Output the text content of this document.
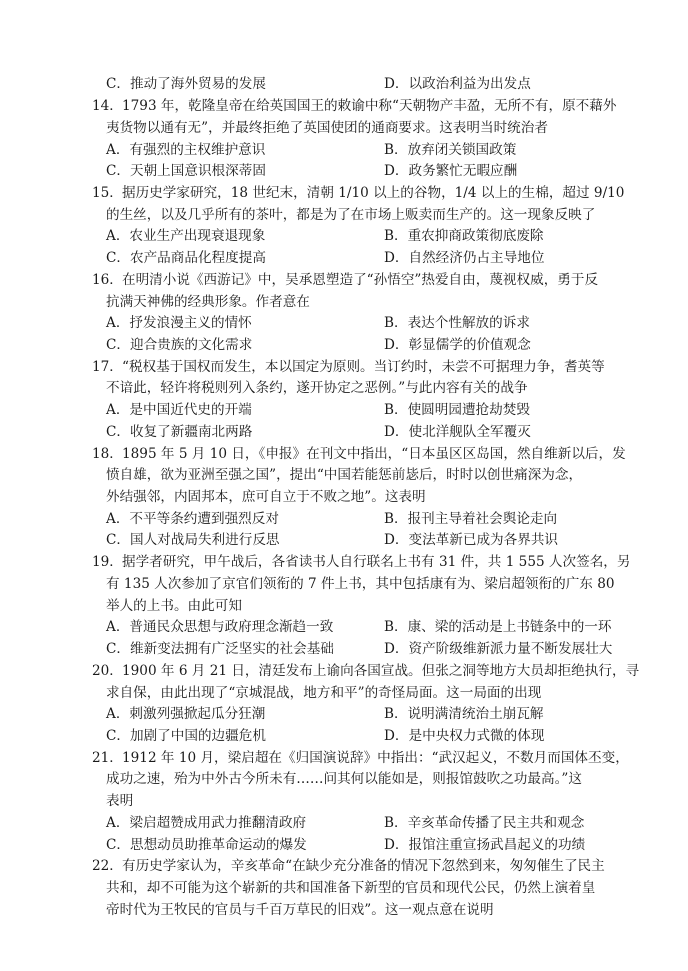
C．推动了海外贸易的发展	D．以政治利益为出发点
14． 1793 年，乾隆皇帝在给英国国王的敕谕中称“天朝物产丰盈，无所不有，原不藉外
夷货物以通有无”，并最终拒绝了英国使团的通商要求。这表明当时统治者
A．有强烈的主权维护意识	B．放弃闭关锁国政策
C．天朝上国意识根深蒂固	D．政务繁忙无暇应酬
15． 据历史学家研究，18 世纪末，清朝 1/10 以上的谷物，1/4 以上的生棉，超过 9/10
的生丝，以及几乎所有的茶叶，都是为了在市场上贩卖而生产的。这一现象反映了
A．农业生产出现衰退现象	B．重农抑商政策彻底废除
C．农产品商品化程度提高	D．自然经济仍占主导地位
16． 在明清小说《西游记》中，吴承恩塑造了“孙悟空”热爱自由，蔑视权威，勇于反
抗满天神佛的经典形象。作者意在
A．抒发浪漫主义的情怀	B．表达个性解放的诉求
C．迎合贵族的文化需求	D．彰显儒学的价值观念
17． “税权基于国权而发生，本以国定为原则。当订约时，未尝不可据理力争，耆英等
不谙此，轻许将税则列入条约，遂开协定之恶例。”与此内容有关的战争
A．是中国近代史的开端	B．使圆明园遭抢劫焚毁
C．收复了新疆南北两路	D．使北洋舰队全军覆灭
18． 1895 年 5 月 10 日，《申报》在刊文中指出，“日本虽区区岛国，然自维新以后，发
愤自雄，欲为亚洲至强之国”，提出“中国若能惩前毖后，时时以创世痛深为念，
外结强邻，内固邦本，庶可自立于不败之地”。这表明
A．不平等条约遭到强烈反对	B．报刊主导着社会舆论走向
C．国人对战局失利进行反思	D．变法革新已成为各界共识
19． 据学者研究，甲午战后，各省读书人自行联名上书有 31 件，共 1 555 人次签名，另
有 135 人次参加了京官们领衔的 7 件上书，其中包括康有为、梁启超领衔的广东 80
举人的上书。由此可知
A．普通民众思想与政府理念渐趋一致	B．康、梁的活动是上书链条中的一环
C．维新变法拥有广泛坚实的社会基础	D．资产阶级维新派力量不断发展壮大
20． 1900 年 6 月 21 日，清廷发布上谕向各国宣战。但张之洞等地方大员却拒绝执行，寻
求自保，由此出现了“京城混战，地方和平”的奇怪局面。这一局面的出现
A．刺激列强掀起瓜分狂潮	B．说明满清统治土崩瓦解
C．加剧了中国的边疆危机	D．是中央权力式微的体现
21． 1912 年 10 月，梁启超在《归国演说辞》中指出：“武汉起义，不数月而国体丕变，
成功之速，殆为中外古今所未有……问其何以能如是，则报馆鼓吹之功最高。”这
表明
A．梁启超赞成用武力推翻清政府	B．辛亥革命传播了民主共和观念
C．思想动员助推革命运动的爆发	D．报馆注重宣扬武昌起义的功绩
22． 有历史学家认为，辛亥革命“在缺少充分准备的情况下忽然到来，匆匆催生了民主
共和，却不可能为这个崭新的共和国准备下新型的官员和现代公民，仍然上演着皇
帝时代为王牧民的官员与千百万草民的旧戏”。这一观点意在说明
